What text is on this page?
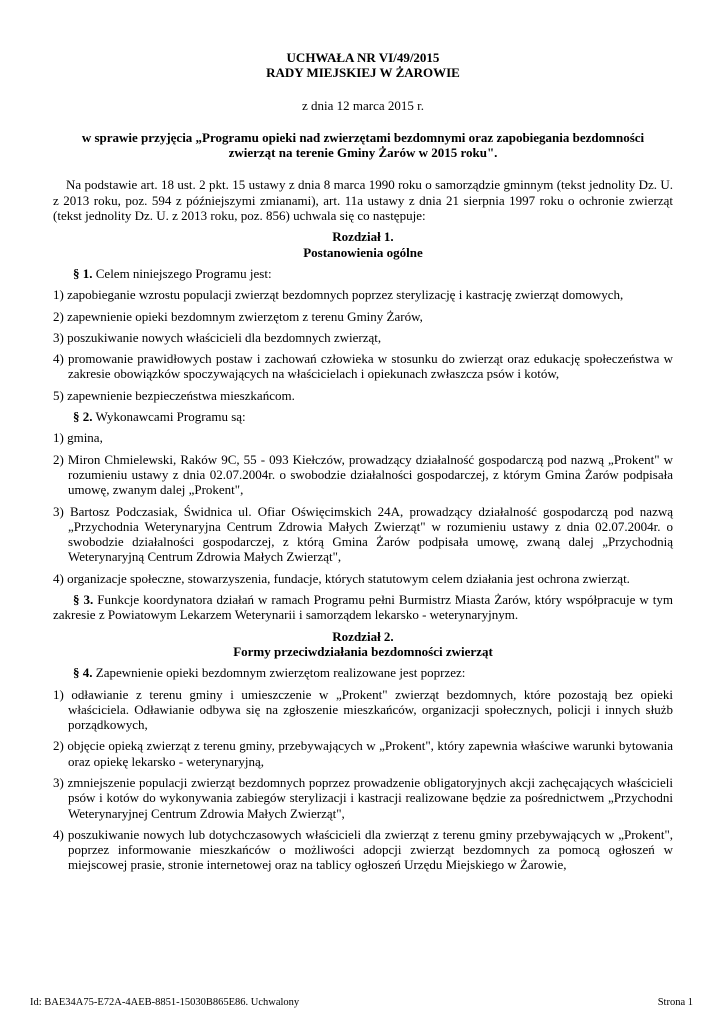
UCHWAŁA NR VI/49/2015
RADY MIEJSKIEJ W ŻAROWIE
z dnia 12 marca 2015 r.
w sprawie przyjęcia „Programu opieki nad zwierzętami bezdomnymi oraz zapobiegania bezdomności
zwierząt na terenie Gminy Żarów w 2015 roku".
Na podstawie art. 18 ust. 2 pkt. 15 ustawy z dnia 8 marca 1990 roku o samorządzie gminnym (tekst jednolity Dz. U. z 2013 roku, poz. 594 z późniejszymi zmianami), art. 11a ustawy z dnia 21 sierpnia 1997 roku o ochronie zwierząt (tekst jednolity Dz. U. z 2013 roku, poz. 856) uchwala się co następuje:
Rozdział 1.
Postanowienia ogólne
§ 1. Celem niniejszego Programu jest:
1) zapobieganie wzrostu populacji zwierząt bezdomnych poprzez sterylizację i kastrację zwierząt domowych,
2) zapewnienie opieki bezdomnym zwierzętom z terenu Gminy Żarów,
3) poszukiwanie nowych właścicieli dla bezdomnych zwierząt,
4) promowanie prawidłowych postaw i zachowań człowieka w stosunku do zwierząt oraz edukację społeczeństwa w zakresie obowiązków spoczywających na właścicielach i opiekunach zwłaszcza psów i kotów,
5) zapewnienie bezpieczeństwa mieszkańcom.
§ 2. Wykonawcami Programu są:
1) gmina,
2) Miron Chmielewski, Raków 9C, 55 - 093 Kiełczów, prowadzący działalność gospodarczą pod nazwą „Prokent" w rozumieniu ustawy z dnia 02.07.2004r. o swobodzie działalności gospodarczej, z którym Gmina Żarów podpisała umowę, zwanym dalej „Prokent",
3) Bartosz Podczasiak, Świdnica ul. Ofiar Oświęcimskich 24A, prowadzący działalność gospodarczą pod nazwą „Przychodnia Weterynaryjna Centrum Zdrowia Małych Zwierząt" w rozumieniu ustawy z dnia 02.07.2004r. o swobodzie działalności gospodarczej, z którą Gmina Żarów podpisała umowę, zwaną dalej „Przychodnią Weterynaryjną Centrum Zdrowia Małych Zwierząt",
4) organizacje społeczne, stowarzyszenia, fundacje, których statutowym celem działania jest ochrona zwierząt.
§ 3. Funkcje koordynatora działań w ramach Programu pełni Burmistrz Miasta Żarów, który współpracuje w tym zakresie z Powiatowym Lekarzem Weterynarii i samorządem lekarsko - weterynaryjnym.
Rozdział 2.
Formy przeciwdziałania bezdomności zwierząt
§ 4. Zapewnienie opieki bezdomnym zwierzętom realizowane jest poprzez:
1) odławianie z terenu gminy i umieszczenie w „Prokent" zwierząt bezdomnych, które pozostają bez opieki właściciela. Odławianie odbywa się na zgłoszenie mieszkańców, organizacji społecznych, policji i innych służb porządkowych,
2) objęcie opieką zwierząt z terenu gminy, przebywających w „Prokent", który zapewnia właściwe warunki bytowania oraz opiekę lekarsko - weterynaryjną,
3) zmniejszenie populacji zwierząt bezdomnych poprzez prowadzenie obligatoryjnych akcji zachęcających właścicieli psów i kotów do wykonywania zabiegów sterylizacji i kastracji realizowane będzie za pośrednictwem „Przychodni Weterynaryjnej Centrum Zdrowia Małych Zwierząt",
4) poszukiwanie nowych lub dotychczasowych właścicieli dla zwierząt z terenu gminy przebywających w „Prokent", poprzez informowanie mieszkańców o możliwości adopcji zwierząt bezdomnych za pomocą ogłoszeń w miejscowej prasie, stronie internetowej oraz na tablicy ogłoszeń Urzędu Miejskiego w Żarowie,
Id: BAE34A75-E72A-4AEB-8851-15030B865E86. Uchwalony	Strona 1
